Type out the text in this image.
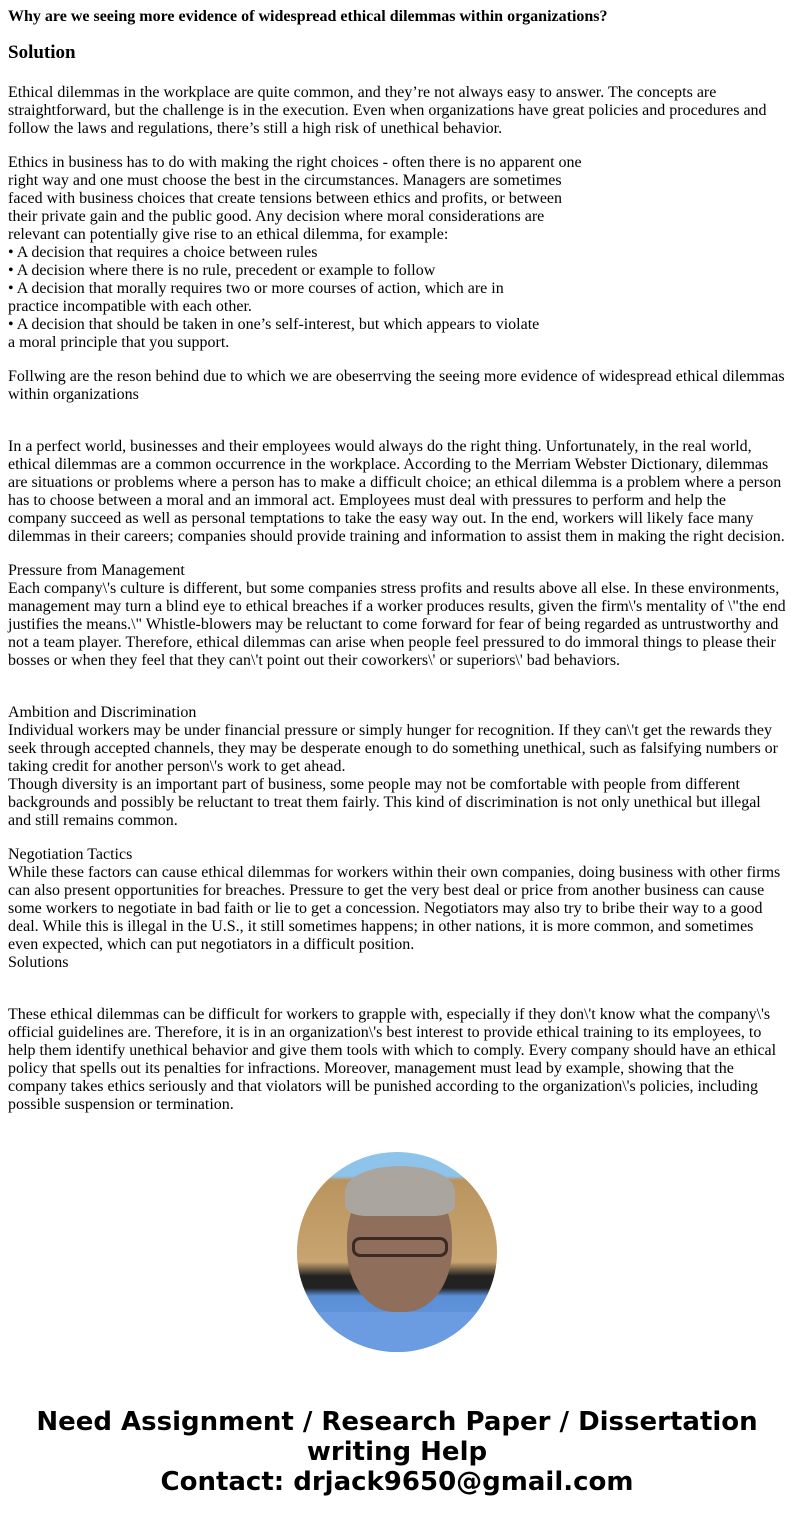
Why are we seeing more evidence of widespread ethical dilemmas within organizations?
Solution

Ethical dilemmas in the workplace are quite common, and they’re not always easy to answer. The concepts are straightforward, but the challenge is in the execution. Even when organizations have great policies and procedures and follow the laws and regulations, there’s still a high risk of unethical behavior.

Ethics in business has to do with making the right choices - often there is no apparent one
right way and one must choose the best in the circumstances. Managers are sometimes
faced with business choices that create tensions between ethics and profits, or between
their private gain and the public good. Any decision where moral considerations are
relevant can potentially give rise to an ethical dilemma, for example:
• A decision that requires a choice between rules
• A decision where there is no rule, precedent or example to follow
• A decision that morally requires two or more courses of action, which are in
practice incompatible with each other.
• A decision that should be taken in one’s self-interest, but which appears to violate
a moral principle that you support.

Follwing are the reson behind due to which we are obeserrving the seeing more evidence of widespread ethical dilemmas within organizations

In a perfect world, businesses and their employees would always do the right thing. Unfortunately, in the real world, ethical dilemmas are a common occurrence in the workplace. According to the Merriam Webster Dictionary, dilemmas are situations or problems where a person has to make a difficult choice; an ethical dilemma is a problem where a person has to choose between a moral and an immoral act. Employees must deal with pressures to perform and help the company succeed as well as personal temptations to take the easy way out. In the end, workers will likely face many dilemmas in their careers; companies should provide training and information to assist them in making the right decision.

Pressure from Management
Each company\'s culture is different, but some companies stress profits and results above all else. In these environments, management may turn a blind eye to ethical breaches if a worker produces results, given the firm\'s mentality of \"the end justifies the means.\" Whistle-blowers may be reluctant to come forward for fear of being regarded as untrustworthy and not a team player. Therefore, ethical dilemmas can arise when people feel pressured to do immoral things to please their bosses or when they feel that they can\'t point out their coworkers\' or superiors\' bad behaviors.

Ambition and Discrimination
Individual workers may be under financial pressure or simply hunger for recognition. If they can\'t get the rewards they seek through accepted channels, they may be desperate enough to do something unethical, such as falsifying numbers or taking credit for another person\'s work to get ahead.
Though diversity is an important part of business, some people may not be comfortable with people from different backgrounds and possibly be reluctant to treat them fairly. This kind of discrimination is not only unethical but illegal and still remains common.

Negotiation Tactics
While these factors can cause ethical dilemmas for workers within their own companies, doing business with other firms can also present opportunities for breaches. Pressure to get the very best deal or price from another business can cause some workers to negotiate in bad faith or lie to get a concession. Negotiators may also try to bribe their way to a good deal. While this is illegal in the U.S., it still sometimes happens; in other nations, it is more common, and sometimes even expected, which can put negotiators in a difficult position.
Solutions

These ethical dilemmas can be difficult for workers to grapple with, especially if they don\'t know what the company\'s official guidelines are. Therefore, it is in an organization\'s best interest to provide ethical training to its employees, to help them identify unethical behavior and give them tools with which to comply. Every company should have an ethical policy that spells out its penalties for infractions. Moreover, management must lead by example, showing that the company takes ethics seriously and that violators will be punished according to the organization\'s policies, including possible suspension or termination.

Need Assignment / Research Paper / Dissertation
writing Help
Contact: drjack9650@gmail.com
